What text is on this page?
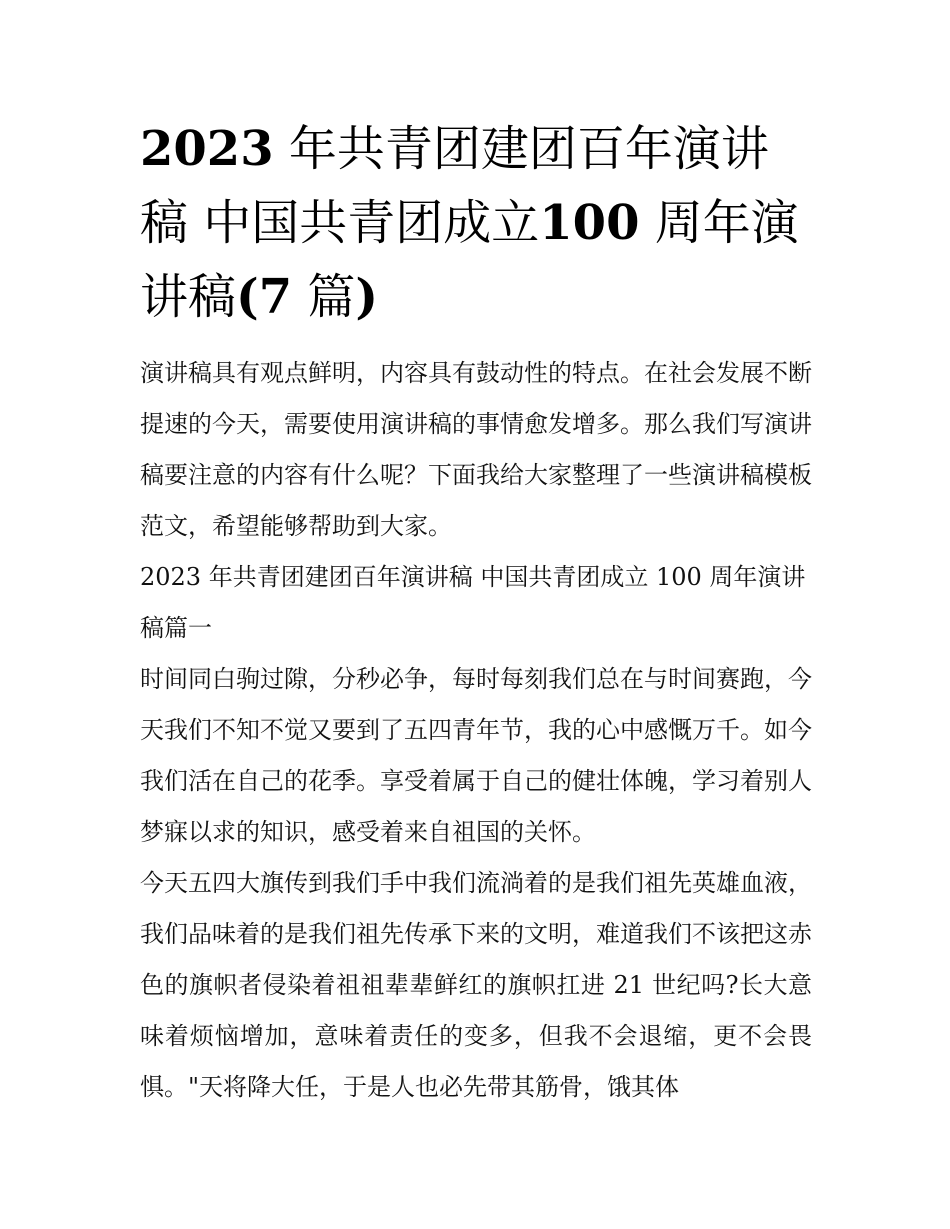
2023 年共青团建团百年演讲稿 中国共青团成立100 周年演讲稿(7 篇)

演讲稿具有观点鲜明，内容具有鼓动性的特点。在社会发展不断提速的今天，需要使用演讲稿的事情愈发增多。那么我们写演讲稿要注意的内容有什么呢？下面我给大家整理了一些演讲稿模板范文，希望能够帮助到大家。

2023 年共青团建团百年演讲稿 中国共青团成立 100 周年演讲稿篇一

时间同白驹过隙，分秒必争，每时每刻我们总在与时间赛跑，今天我们不知不觉又要到了五四青年节，我的心中感慨万千。如今我们活在自己的花季。享受着属于自己的健壮体魄，学习着别人梦寐以求的知识，感受着来自祖国的关怀。

今天五四大旗传到我们手中我们流淌着的是我们祖先英雄血液，我们品味着的是我们祖先传承下来的文明，难道我们不该把这赤色的旗帜者侵染着祖祖辈辈鲜红的旗帜扛进 21 世纪吗?长大意味着烦恼增加，意味着责任的变多，但我不会退缩，更不会畏惧。"天将降大任，于是人也必先带其筋骨，饿其体
